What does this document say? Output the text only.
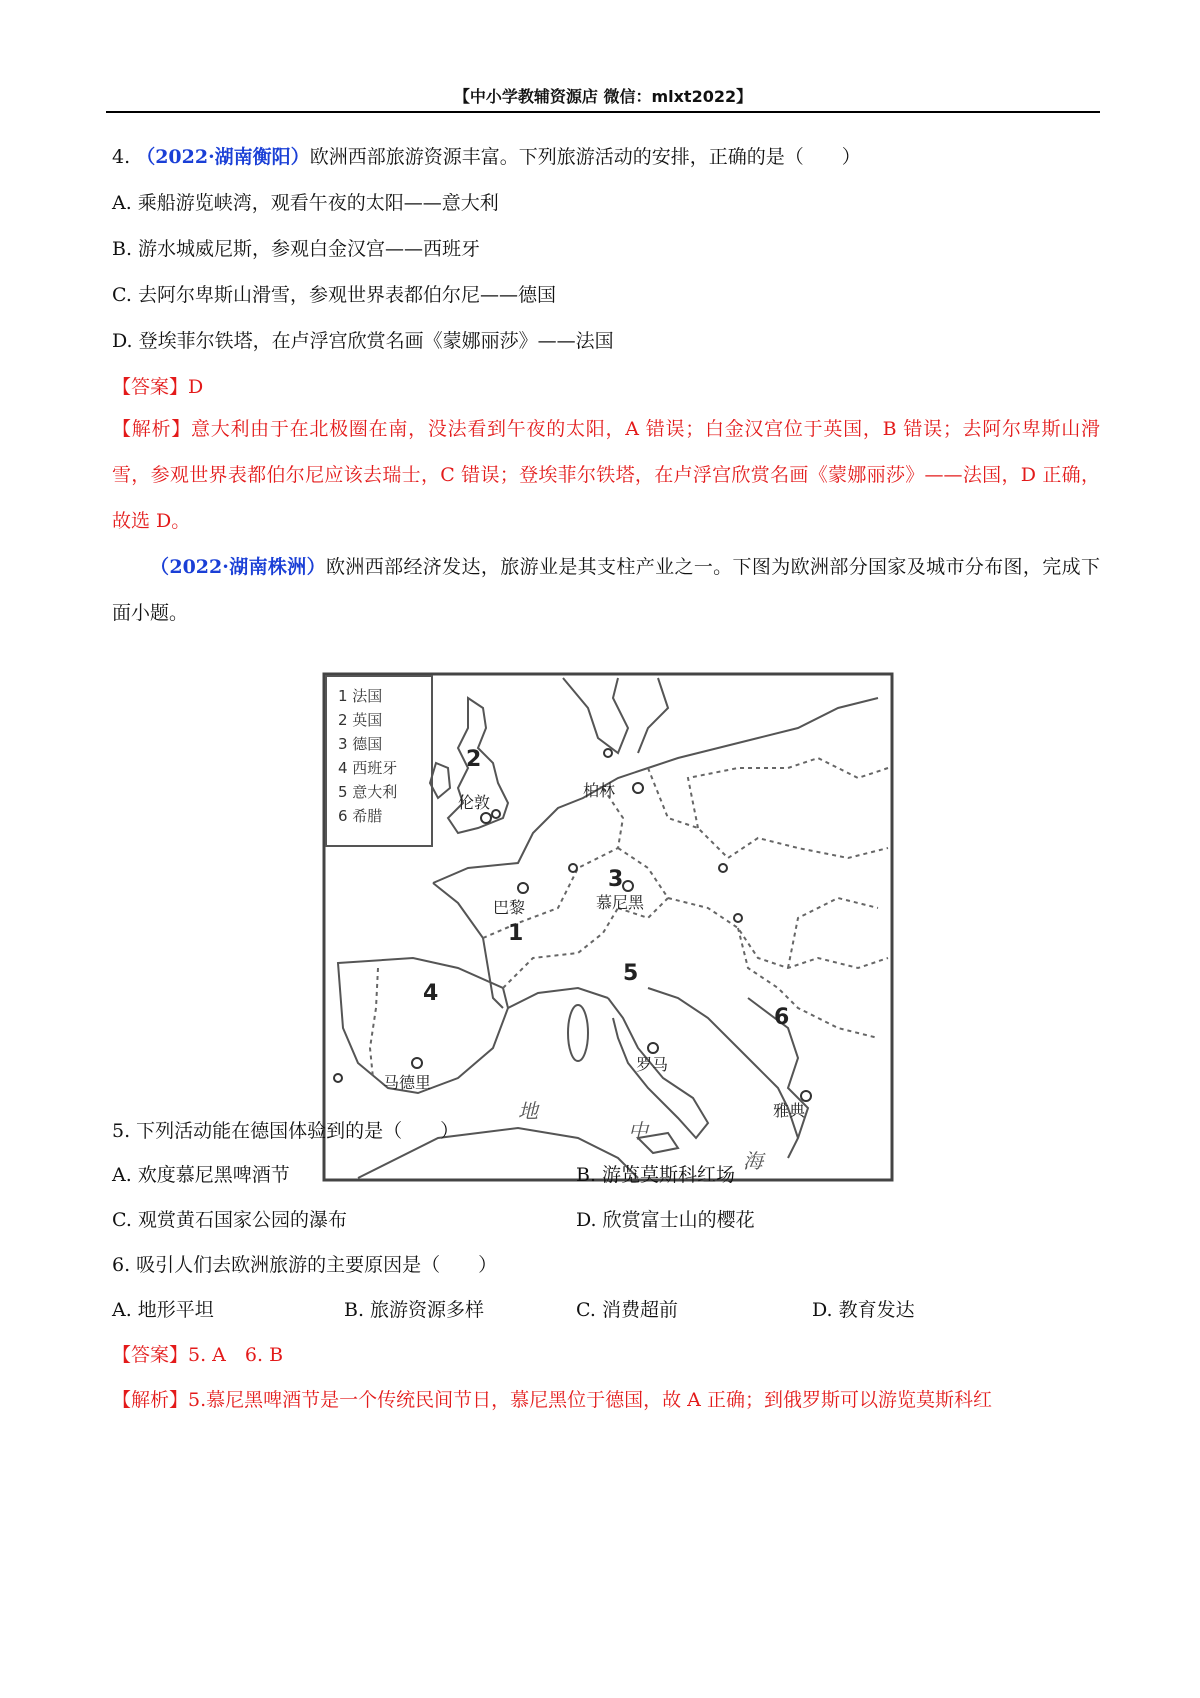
【中小学教辅资源店 微信：mlxt2022】
4. （2022·湖南衡阳）欧洲西部旅游资源丰富。下列旅游活动的安排，正确的是（　　）
A. 乘船游览峡湾，观看午夜的太阳——意大利
B. 游水城威尼斯，参观白金汉宫——西班牙
C. 去阿尔卑斯山滑雪，参观世界表都伯尔尼——德国
D. 登埃菲尔铁塔，在卢浮宫欣赏名画《蒙娜丽莎》——法国
【答案】D
【解析】意大利由于在北极圈在南，没法看到午夜的太阳，A 错误；白金汉宫位于英国，B 错误；去阿尔卑斯山滑雪，参观世界表都伯尔尼应该去瑞士，C 错误；登埃菲尔铁塔，在卢浮宫欣赏名画《蒙娜丽莎》——法国，D 正确，故选 D。
（2022·湖南株洲）欧洲西部经济发达，旅游业是其支柱产业之一。下图为欧洲部分国家及城市分布图，完成下面小题。
1 法国
2 英国
3 德国
4 西班牙
5 意大利
6 希腊
1
2
3
4
5
6
伦敦
巴黎
柏林
马德里
慕尼黑
罗马
雅典
地
中
海
5. 下列活动能在德国体验到的是（　　）
A. 欢度慕尼黑啤酒节	B. 游览莫斯科红场
C. 观赏黄石国家公园的瀑布	D. 欣赏富士山的樱花
6. 吸引人们去欧洲旅游的主要原因是（　　）
A. 地形平坦	B. 旅游资源多样	C. 消费超前	D. 教育发达
【答案】5. A　6. B
【解析】5.慕尼黑啤酒节是一个传统民间节日，慕尼黑位于德国，故 A 正确；到俄罗斯可以游览莫斯科红
